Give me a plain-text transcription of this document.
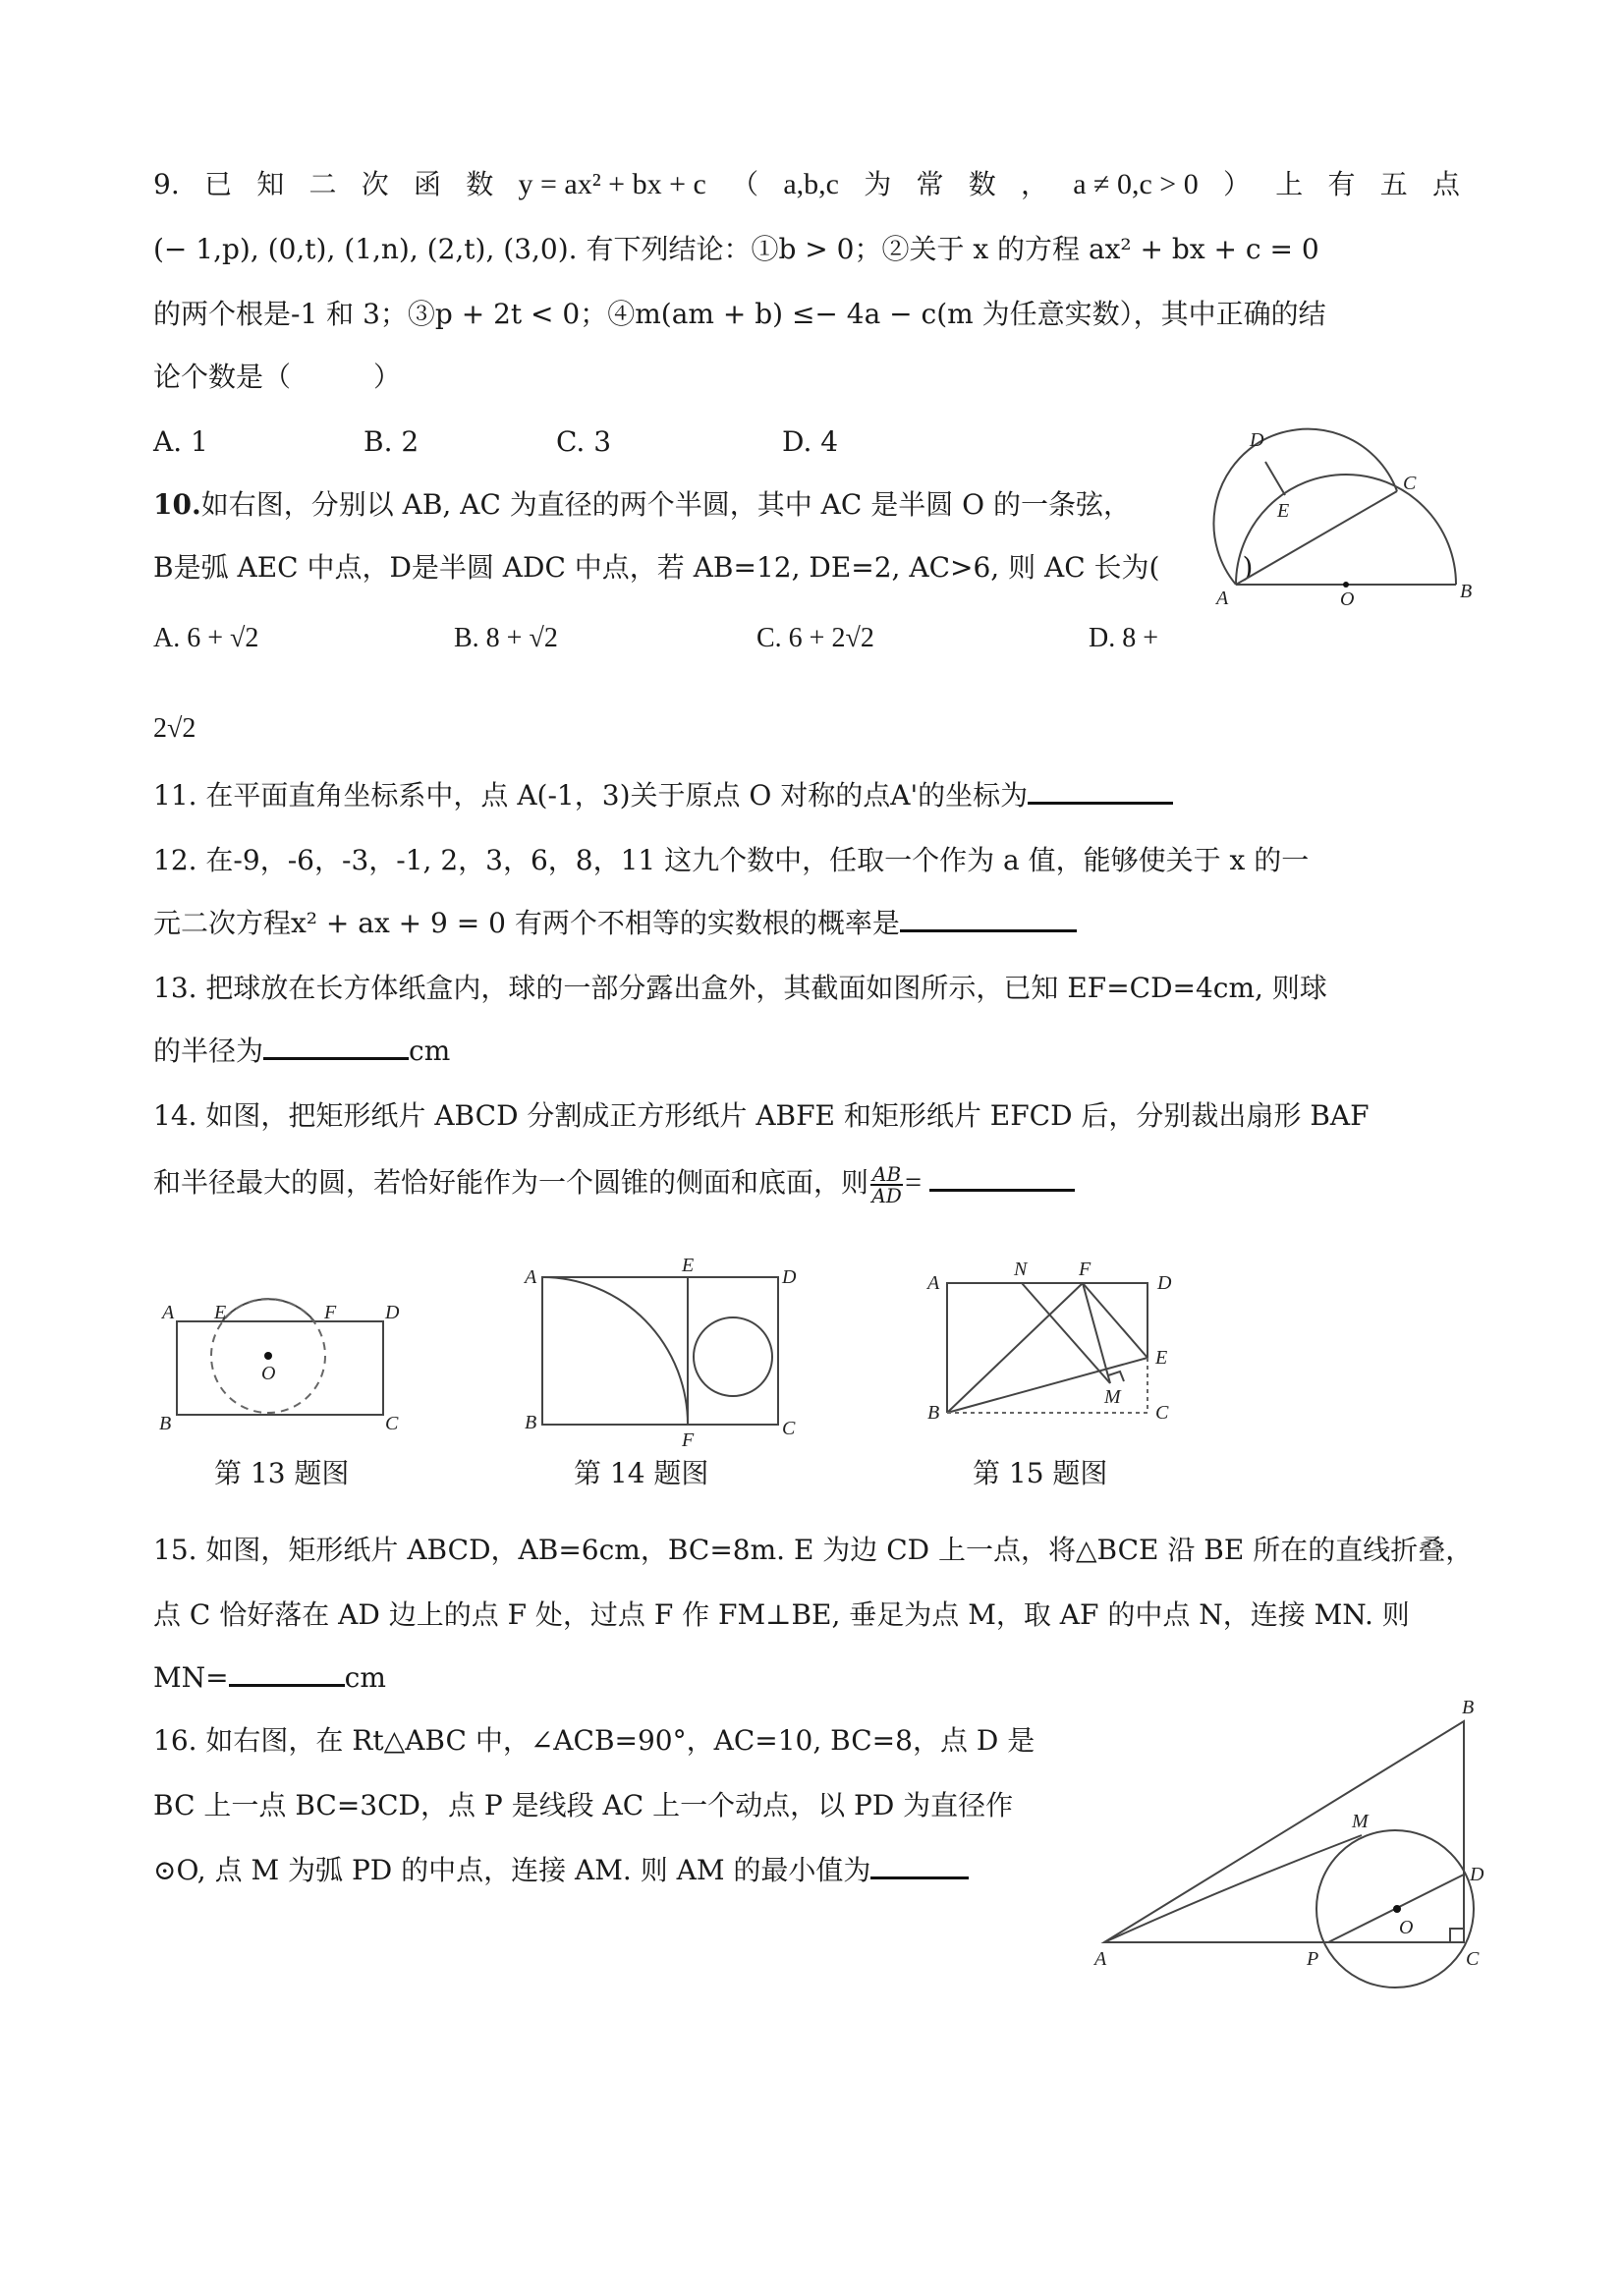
9. 已 知 二 次 函 数 y = ax² + bx + c （ a,b,c 为 常 数 ， a ≠ 0,c > 0 ） 上 有 五 点
(− 1,p), (0,t), (1,n), (2,t), (3,0). 有下列结论：①b > 0；②关于 x 的方程 ax² + bx + c = 0
的两个根是-1 和 3；③p + 2t < 0；④m(am + b) ≤− 4a − c(m 为任意实数），其中正确的结
论个数是（　　　）
A. 1	B. 2	C. 3	D. 4
10.如右图，分别以 AB, AC 为直径的两个半圆，其中 AC 是半圆 O 的一条弦，
B是弧 AEC 中点，D是半圆 ADC 中点，若 AB=12, DE=2, AC>6, 则 AC 长为(　　　)
A. 6 + √2	B. 8 + √2	C. 6 + 2√2	D. 8 +
2√2
D
C
E
A	O	B
11. 在平面直角坐标系中，点 A(-1，3)关于原点 O 对称的点A'的坐标为
12. 在-9，-6，-3，-1, 2，3，6，8，11 这九个数中，任取一个作为 a 值，能够使关于 x 的一
元二次方程x² + ax + 9 = 0 有两个不相等的实数根的概率是
13. 把球放在长方体纸盒内，球的一部分露出盒外，其截面如图所示，已知 EF=CD=4cm, 则球
的半径为	cm
14. 如图，把矩形纸片 ABCD 分割成正方形纸片 ABFE 和矩形纸片 EFCD 后，分别裁出扇形 BAF
和半径最大的圆，若恰好能作为一个圆锥的侧面和底面，则 $\frac{AB}{AD}$ =
A E	F D
O
B	C
第 13 题图
A
E
D
B
F
C
第 14 题图
A
N	F
D
E
M
B	C
第 15 题图
15. 如图，矩形纸片 ABCD，AB=6cm，BC=8m. E 为边 CD 上一点，将△BCE 沿 BE 所在的直线折叠，
点 C 恰好落在 AD 边上的点 F 处，过点 F 作 FM⊥BE, 垂足为点 M，取 AF 的中点 N，连接 MN. 则
MN=	cm
16. 如右图，在 Rt△ABC 中，∠ACB=90°，AC=10, BC=8，点 D 是
BC 上一点 BC=3CD，点 P 是线段 AC 上一个动点，以 PD 为直径作
⊙O, 点 M 为弧 PD 的中点，连接 AM. 则 AM 的最小值为
B
M
D
O
A	P	C
